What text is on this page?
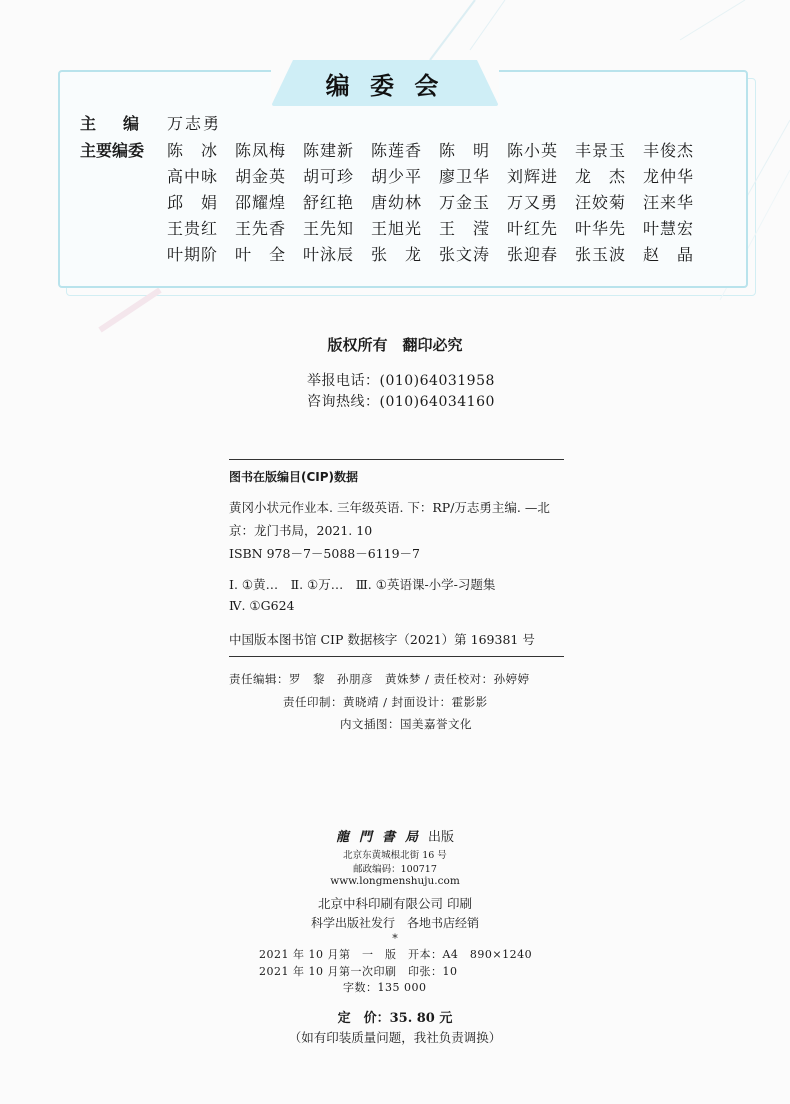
编 委 会
主编 万志勇
主要编委 陈　冰	陈凤梅	陈建新	陈莲香	陈　明	陈小英	丰景玉	丰俊杰
高中咏	胡金英	胡可珍	胡少平	廖卫华	刘辉进	龙　杰	龙仲华
邱　娟	邵耀煌	舒红艳	唐幼林	万金玉	万又勇	汪姣菊	汪来华
王贵红	王先香	王先知	王旭光	王　滢	叶红先	叶华先	叶慧宏
叶期阶	叶　全	叶泳辰	张　龙	张文涛	张迎春	张玉波	赵　晶
版权所有　翻印必究
举报电话：(010)64031958
咨询热线：(010)64034160
图书在版编目(CIP)数据
黄冈小状元作业本. 三年级英语. 下：RP/万志勇主编. —北
京：龙门书局，2021. 10
ISBN 978－7－5088－6119－7
Ⅰ. ①黄…　Ⅱ. ①万…　Ⅲ. ①英语课-小学-习题集
Ⅳ. ①G624
中国版本图书馆 CIP 数据核字（2021）第 169381 号
责任编辑：罗　黎　孙朋彦　黄姝梦 / 责任校对：孙婷婷
责任印制：黄晓靖 / 封面设计：霍影影
内文插图：国美嘉誉文化
龍門書局出版
北京东黄城根北街 16 号
邮政编码：100717
www.longmenshuju.com
北京中科印刷有限公司 印刷
科学出版社发行　各地书店经销
*
2021 年 10 月第　一　版　开本：A4　890×1240
2021 年 10 月第一次印刷　印张：10
字数：135 000
定　价：35. 80 元
（如有印装质量问题，我社负责调换）
